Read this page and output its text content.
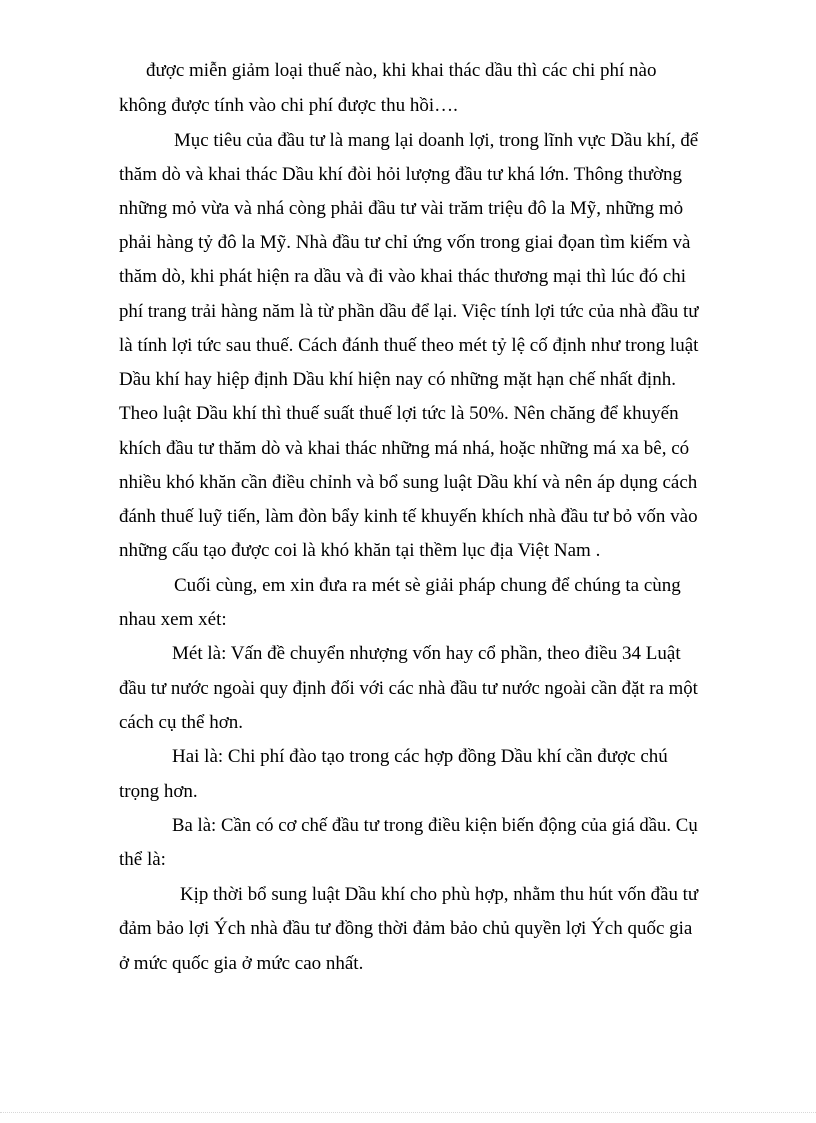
được miễn giảm loại thuế nào, khi khai thác dầu thì các chi phí nào
không được tính vào chi phí được thu hồi….
Mục tiêu của đầu tư là mang lại doanh lợi, trong lĩnh vực Dầu khí, để
thăm dò và khai thác Dầu khí đòi hỏi lượng đầu tư khá lớn. Thông thường
những mỏ vừa và nhá còng phải đầu tư vài trăm triệu đô la Mỹ, những mỏ
phải hàng tỷ đô la Mỹ. Nhà đầu tư chỉ ứng vốn trong giai đọan tìm kiếm và
thăm dò, khi phát hiện ra dầu và đi vào khai thác thương mại thì lúc đó chi
phí trang trải hàng năm là từ phần dầu để lại. Việc tính lợi tức của nhà đầu tư
là tính lợi tức sau thuế. Cách đánh thuế theo mét tỷ lệ cố định như trong luật
Dầu khí hay hiệp định Dầu khí hiện nay có những mặt hạn chế nhất định.
Theo luật Dầu khí thì thuế suất thuế lợi tức là 50%. Nên chăng để khuyến
khích đầu tư thăm dò và khai thác những má nhá, hoặc những má xa bê, có
nhiều khó khăn cần điều chỉnh và bổ sung luật Dầu khí và nên áp dụng cách
đánh thuế luỹ tiến, làm đòn bẩy kinh tế khuyến khích nhà đầu tư bỏ vốn vào
những cấu tạo được coi là khó khăn tại thềm lục địa Việt Nam .
Cuối cùng, em xin đưa ra mét sè giải pháp chung để chúng ta cùng
nhau xem xét:
Mét là: Vấn đề chuyển nhượng vốn hay cổ phần, theo điều 34 Luật
đầu tư nước ngoài quy định đối với các nhà đầu tư nước ngoài cần đặt ra một
cách cụ thể hơn.
Hai là: Chi phí đào tạo trong các hợp đồng Dầu khí cần được chú
trọng hơn.
Ba là: Cần có cơ chế đầu tư trong điều kiện biến động của giá dầu. Cụ
thể là:
Kịp thời bổ sung luật Dầu khí cho phù hợp, nhằm thu hút vốn đầu tư
đảm bảo lợi Ých nhà đầu tư đồng thời đảm bảo chủ quyền lợi Ých quốc gia
ở mức quốc gia ở mức cao nhất.
